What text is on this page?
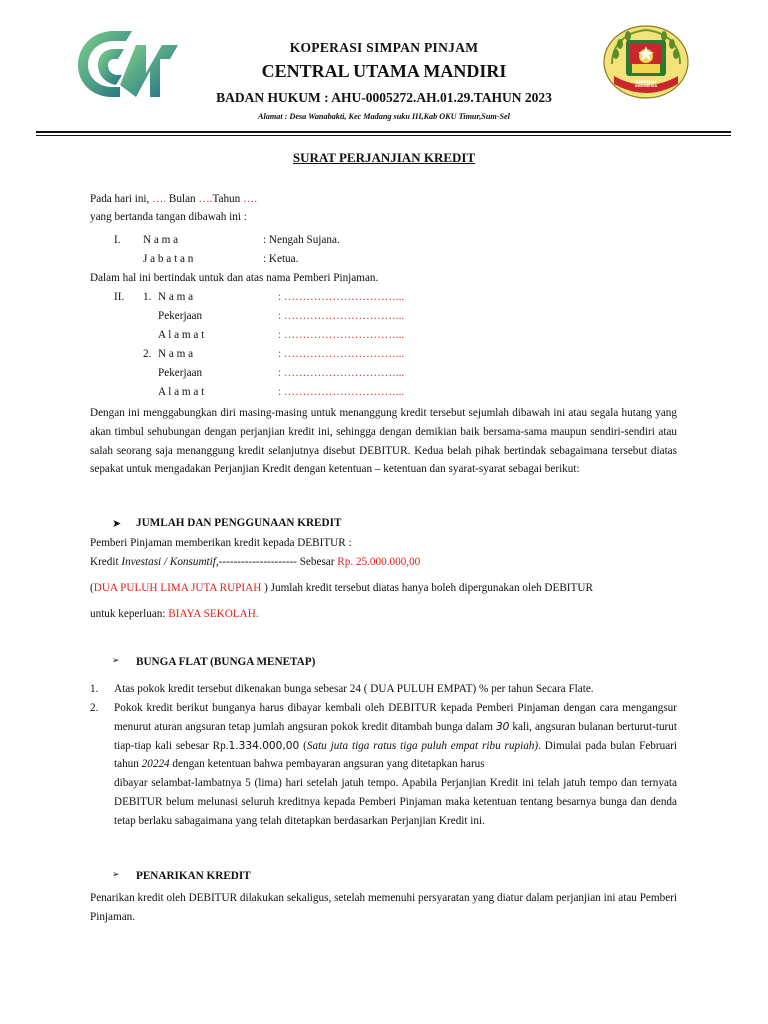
KOPERASI INDONESIA
KOPERASI SIMPAN PINJAM
CENTRAL UTAMA MANDIRI
BADAN HUKUM : AHU-0005272.AH.01.29.TAHUN 2023
Alamat : Desa Wanabakti, Kec Madang suku III,Kab OKU Timur,Sum-Sel
SURAT PERJANJIAN KREDIT
Pada hari ini, …. Bulan ….Tahun ….
yang bertanda tangan dibawah ini :
I. N a m a	: Nengah Sujana.
J a b a t a n	: Ketua.
Dalam hal ini bertindak untuk dan atas nama Pemberi Pinjaman.
II. 1. N a m a	: …………………………...
Pekerjaan	: …………………………...
A l a m a t	: …………………………...
2. N a m a	: …………………………...
Pekerjaan	: …………………………...
A l a m a t	: …………………………...
Dengan ini menggabungkan diri masing-masing untuk menanggung kredit tersebut sejumlah dibawah ini atau segala hutang yang akan timbul sehubungan dengan perjanjian kredit ini, sehingga dengan demikian baik bersama-sama maupun sendiri-sendiri atau salah seorang saja menanggung kredit selanjutnya disebut DEBITUR. Kedua belah pihak bertindak sebagaimana tersebut diatas sepakat untuk mengadakan Perjanjian Kredit dengan ketentuan – ketentuan dan syarat-syarat sebagai berikut:
➤ JUMLAH DAN PENGGUNAAN KREDIT
Pemberi Pinjaman memberikan kredit kepada DEBITUR :
Kredit Investasi / Konsumtif,--------------------- Sebesar Rp. 25.000.000,00
(DUA PULUH LIMA JUTA RUPIAH ) Jumlah kredit tersebut diatas hanya boleh dipergunakan oleh DEBITUR
untuk keperluan: BIAYA SEKOLAH.
➢ BUNGA FLAT (BUNGA MENETAP)
1. Atas pokok kredit tersebut dikenakan bunga sebesar 24 ( DUA PULUH EMPAT) % per tahun Secara Flate.
2. Pokok kredit berikut bunganya harus dibayar kembali oleh DEBITUR kepada Pemberi Pinjaman dengan cara mengangsur menurut aturan angsuran tetap jumlah angsuran pokok kredit ditambah bunga dalam 30 kali, angsuran bulanan berturut-turut tiap-tiap kali sebesar Rp.1.334.000,00 (Satu juta tiga ratus tiga puluh empat ribu rupiah). Dimulai pada bulan Februari tahun 20224 dengan ketentuan bahwa pembayaran angsuran yang ditetapkan harus
dibayar selambat-lambatnya 5 (lima) hari setelah jatuh tempo. Apabila Perjanjian Kredit ini telah jatuh tempo dan ternyata DEBITUR belum melunasi seluruh kreditnya kepada Pemberi Pinjaman maka ketentuan tentang besarnya bunga dan denda tetap berlaku sabagaimana yang telah ditetapkan berdasarkan Perjanjian Kredit ini.
➢ PENARIKAN KREDIT
Penarikan kredit oleh DEBITUR dilakukan sekaligus, setelah memenuhi persyaratan yang diatur dalam perjanjian ini atau Pemberi Pinjaman.
